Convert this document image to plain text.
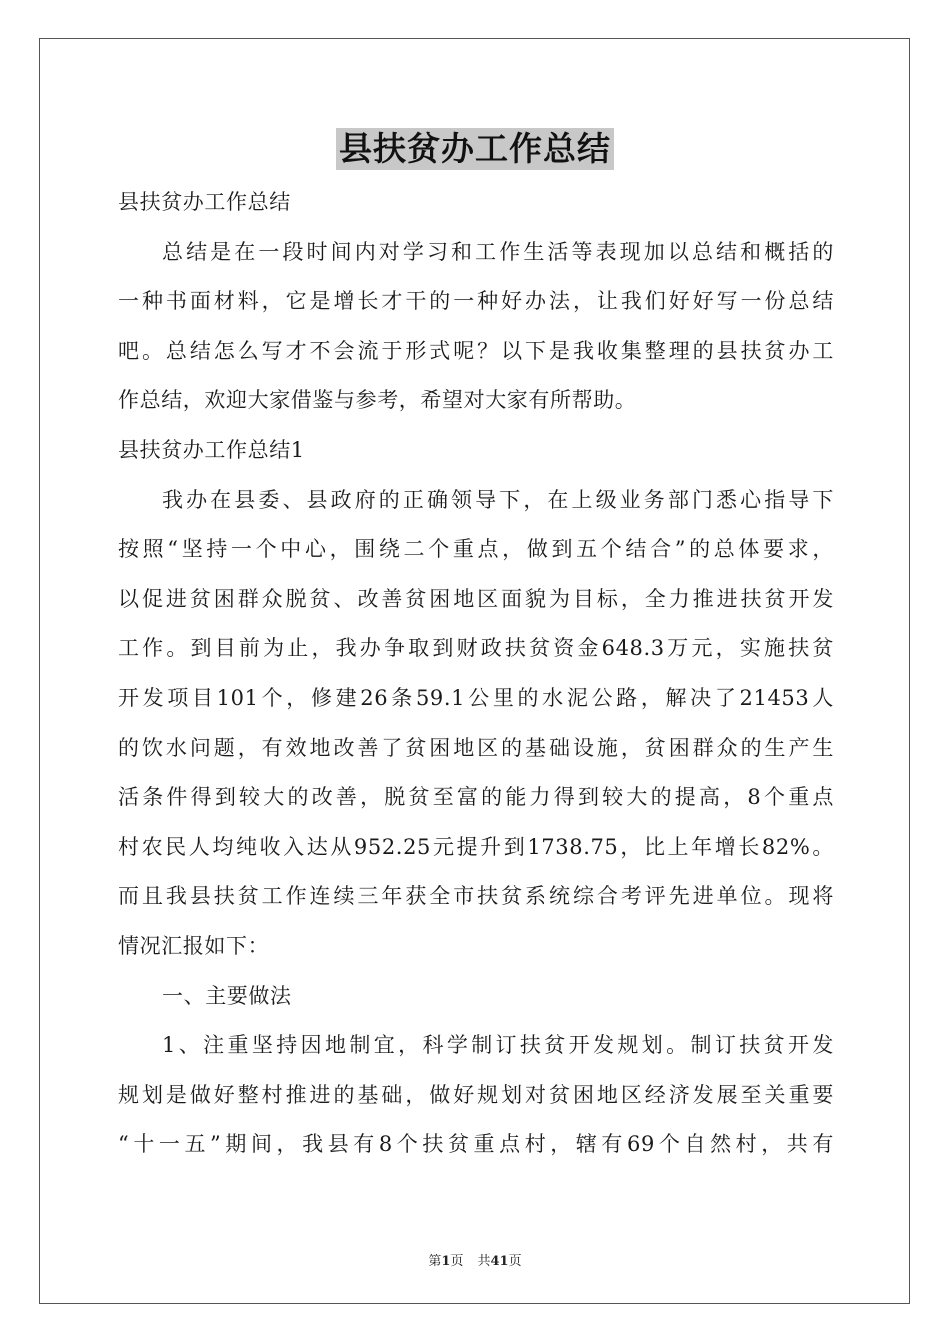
县扶贫办工作总结
县扶贫办工作总结
总结是在一段时间内对学习和工作生活等表现加以总结和概括的
一种书面材料，它是增长才干的一种好办法，让我们好好写一份总结
吧。总结怎么写才不会流于形式呢？以下是我收集整理的县扶贫办工
作总结，欢迎大家借鉴与参考，希望对大家有所帮助。
县扶贫办工作总结1
我办在县委、县政府的正确领导下，在上级业务部门悉心指导下
按照“坚持一个中心，围绕二个重点，做到五个结合”的总体要求，
以促进贫困群众脱贫、改善贫困地区面貌为目标，全力推进扶贫开发
工作。到目前为止，我办争取到财政扶贫资金648.3万元，实施扶贫
开发项目101个，修建26条59.1公里的水泥公路，解决了21453人
的饮水问题，有效地改善了贫困地区的基础设施，贫困群众的生产生
活条件得到较大的改善，脱贫至富的能力得到较大的提高，8个重点
村农民人均纯收入达从952.25元提升到1738.75，比上年增长82%。
而且我县扶贫工作连续三年获全市扶贫系统综合考评先进单位。现将
情况汇报如下：
一、主要做法
1、注重坚持因地制宜，科学制订扶贫开发规划。制订扶贫开发
规划是做好整村推进的基础，做好规划对贫困地区经济发展至关重要
“十一五”期间，我县有8个扶贫重点村，辖有69个自然村，共有
第1页 共41页
